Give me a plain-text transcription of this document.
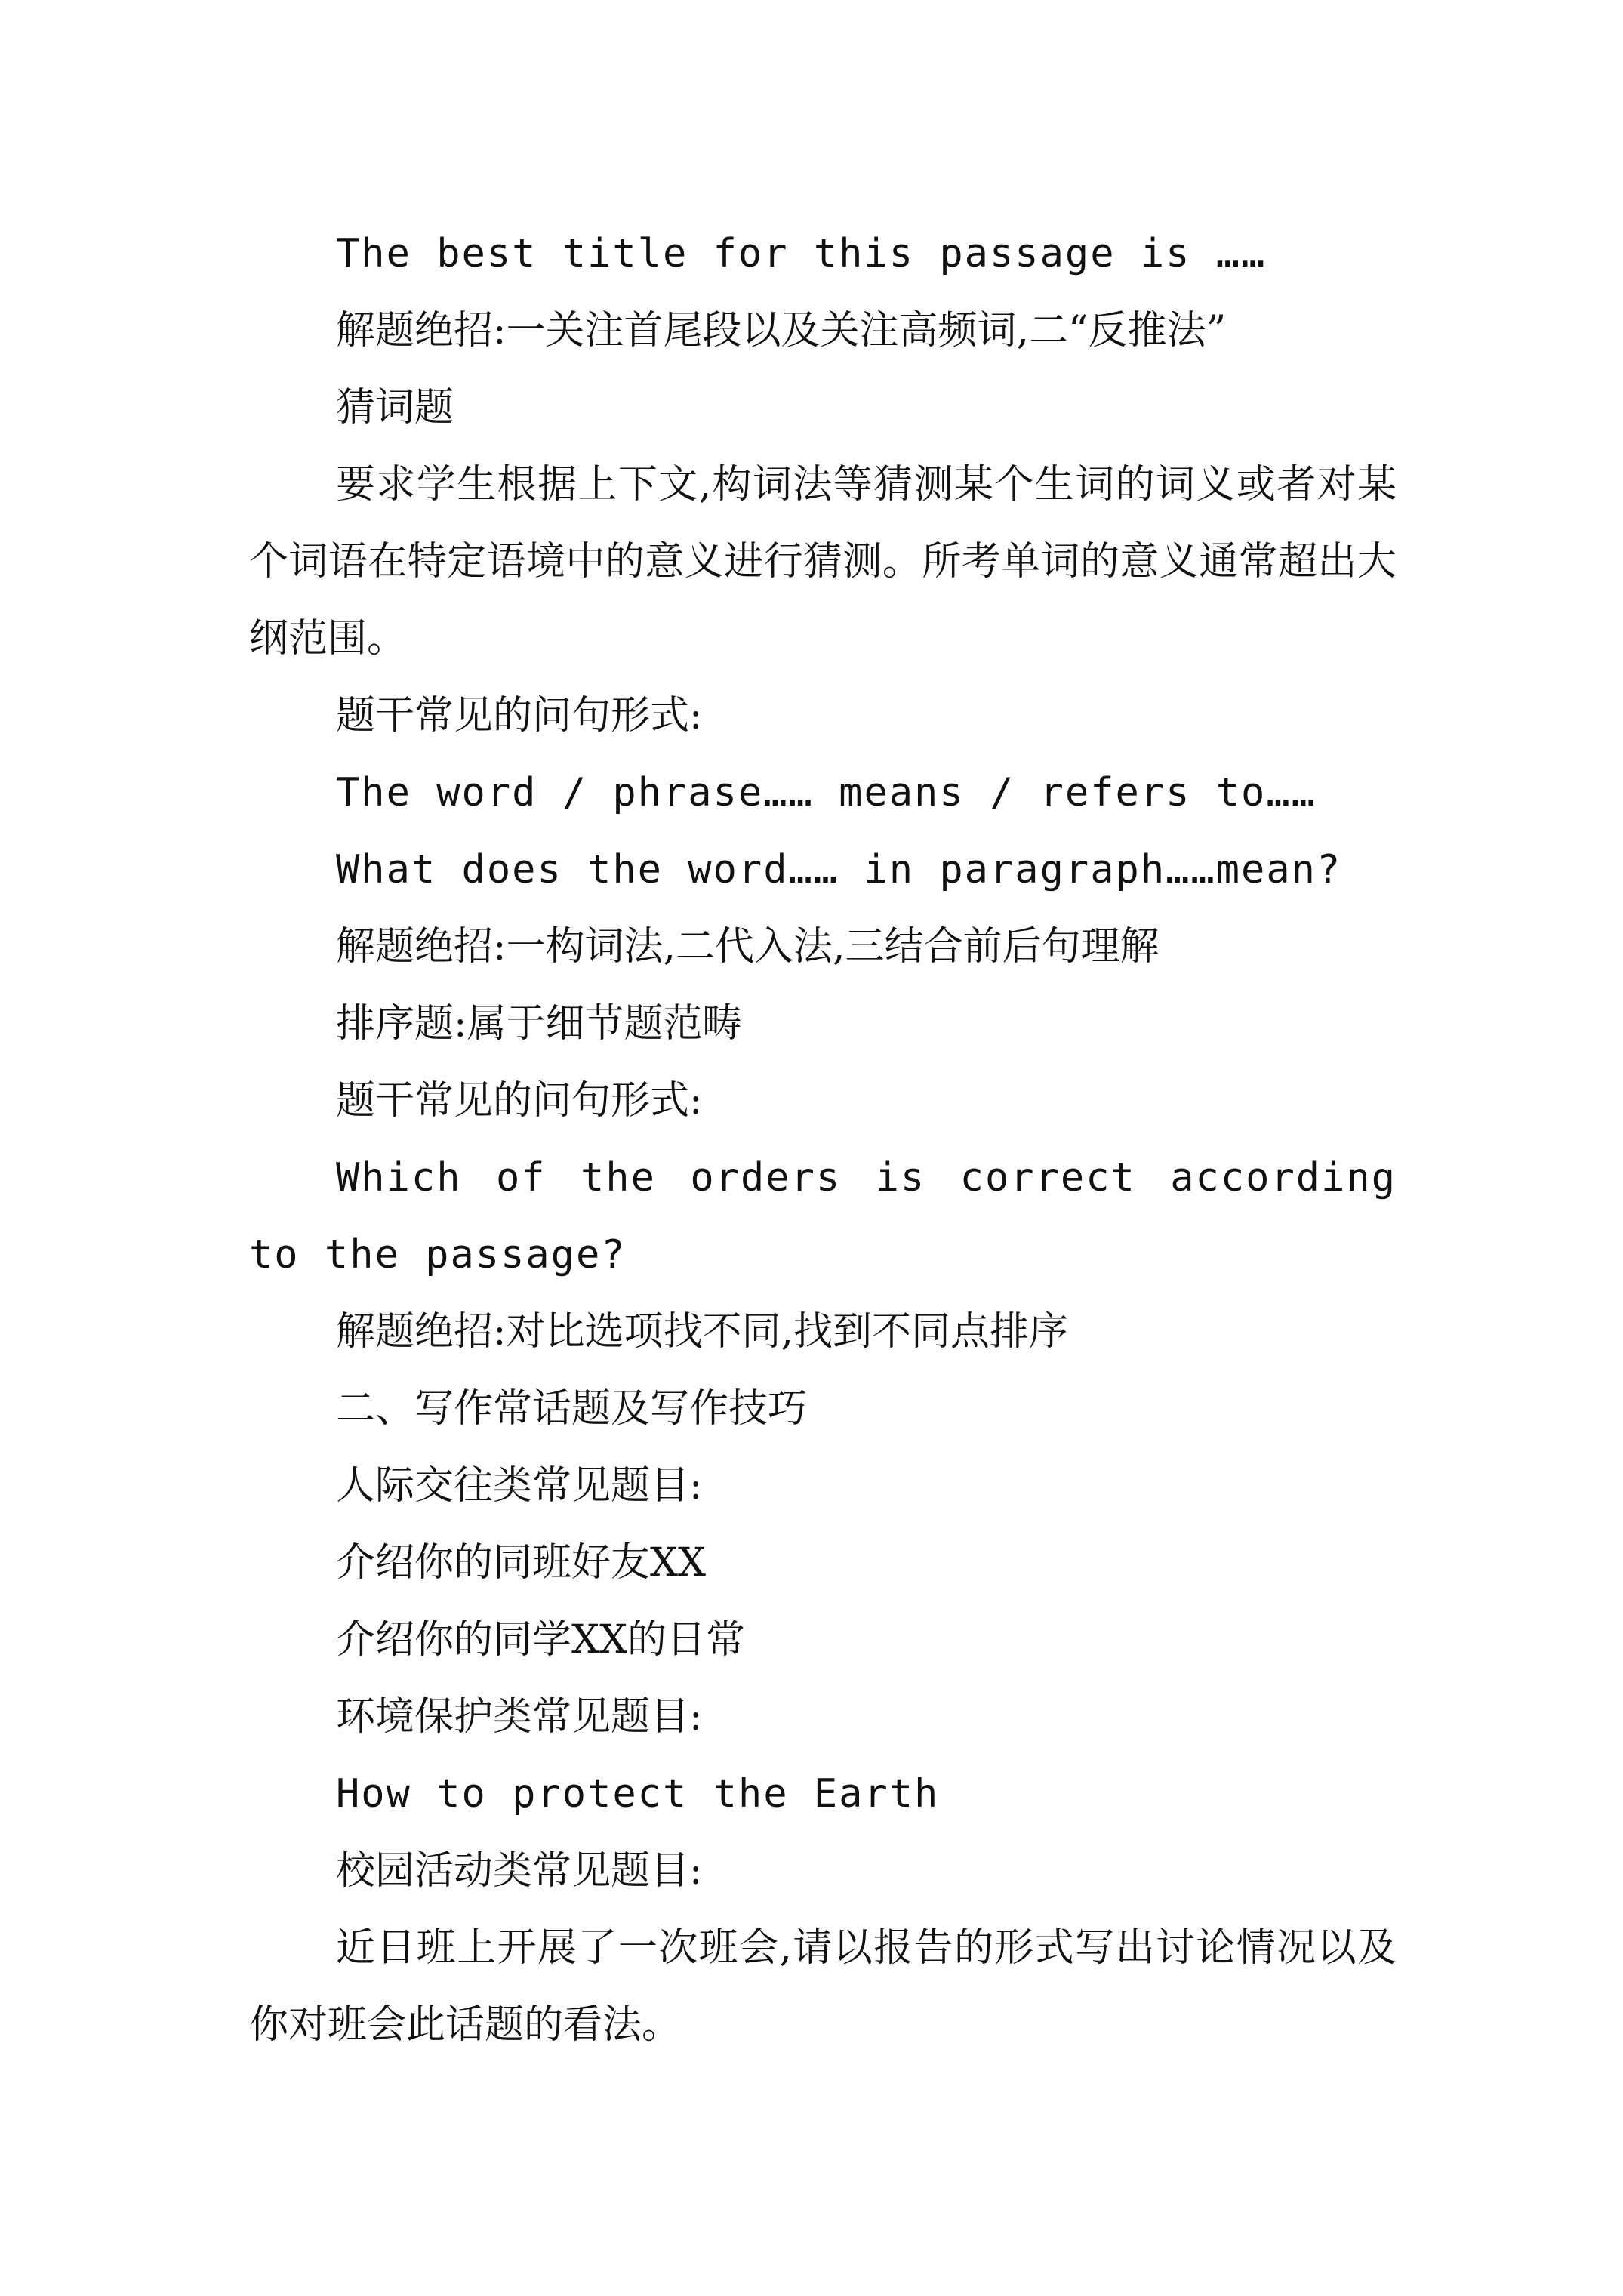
The best title for this passage is ……
解题绝招:一关注首尾段以及关注高频词,二“反推法”
猜词题
要求学生根据上下文,构词法等猜测某个生词的词义或者对某个词语在特定语境中的意义进行猜测。所考单词的意义通常超出大纲范围。
题干常见的问句形式:
The word / phrase…… means / refers to……
What does the word…… in paragraph……mean?
解题绝招:一构词法,二代入法,三结合前后句理解
排序题:属于细节题范畴
题干常见的问句形式:
Which of the orders is correct according to the passage?
解题绝招:对比选项找不同,找到不同点排序
二、写作常话题及写作技巧
人际交往类常见题目:
介绍你的同班好友XX
介绍你的同学XX的日常
环境保护类常见题目:
How to protect the Earth
校园活动类常见题目:
近日班上开展了一次班会,请以报告的形式写出讨论情况以及你对班会此话题的看法。
